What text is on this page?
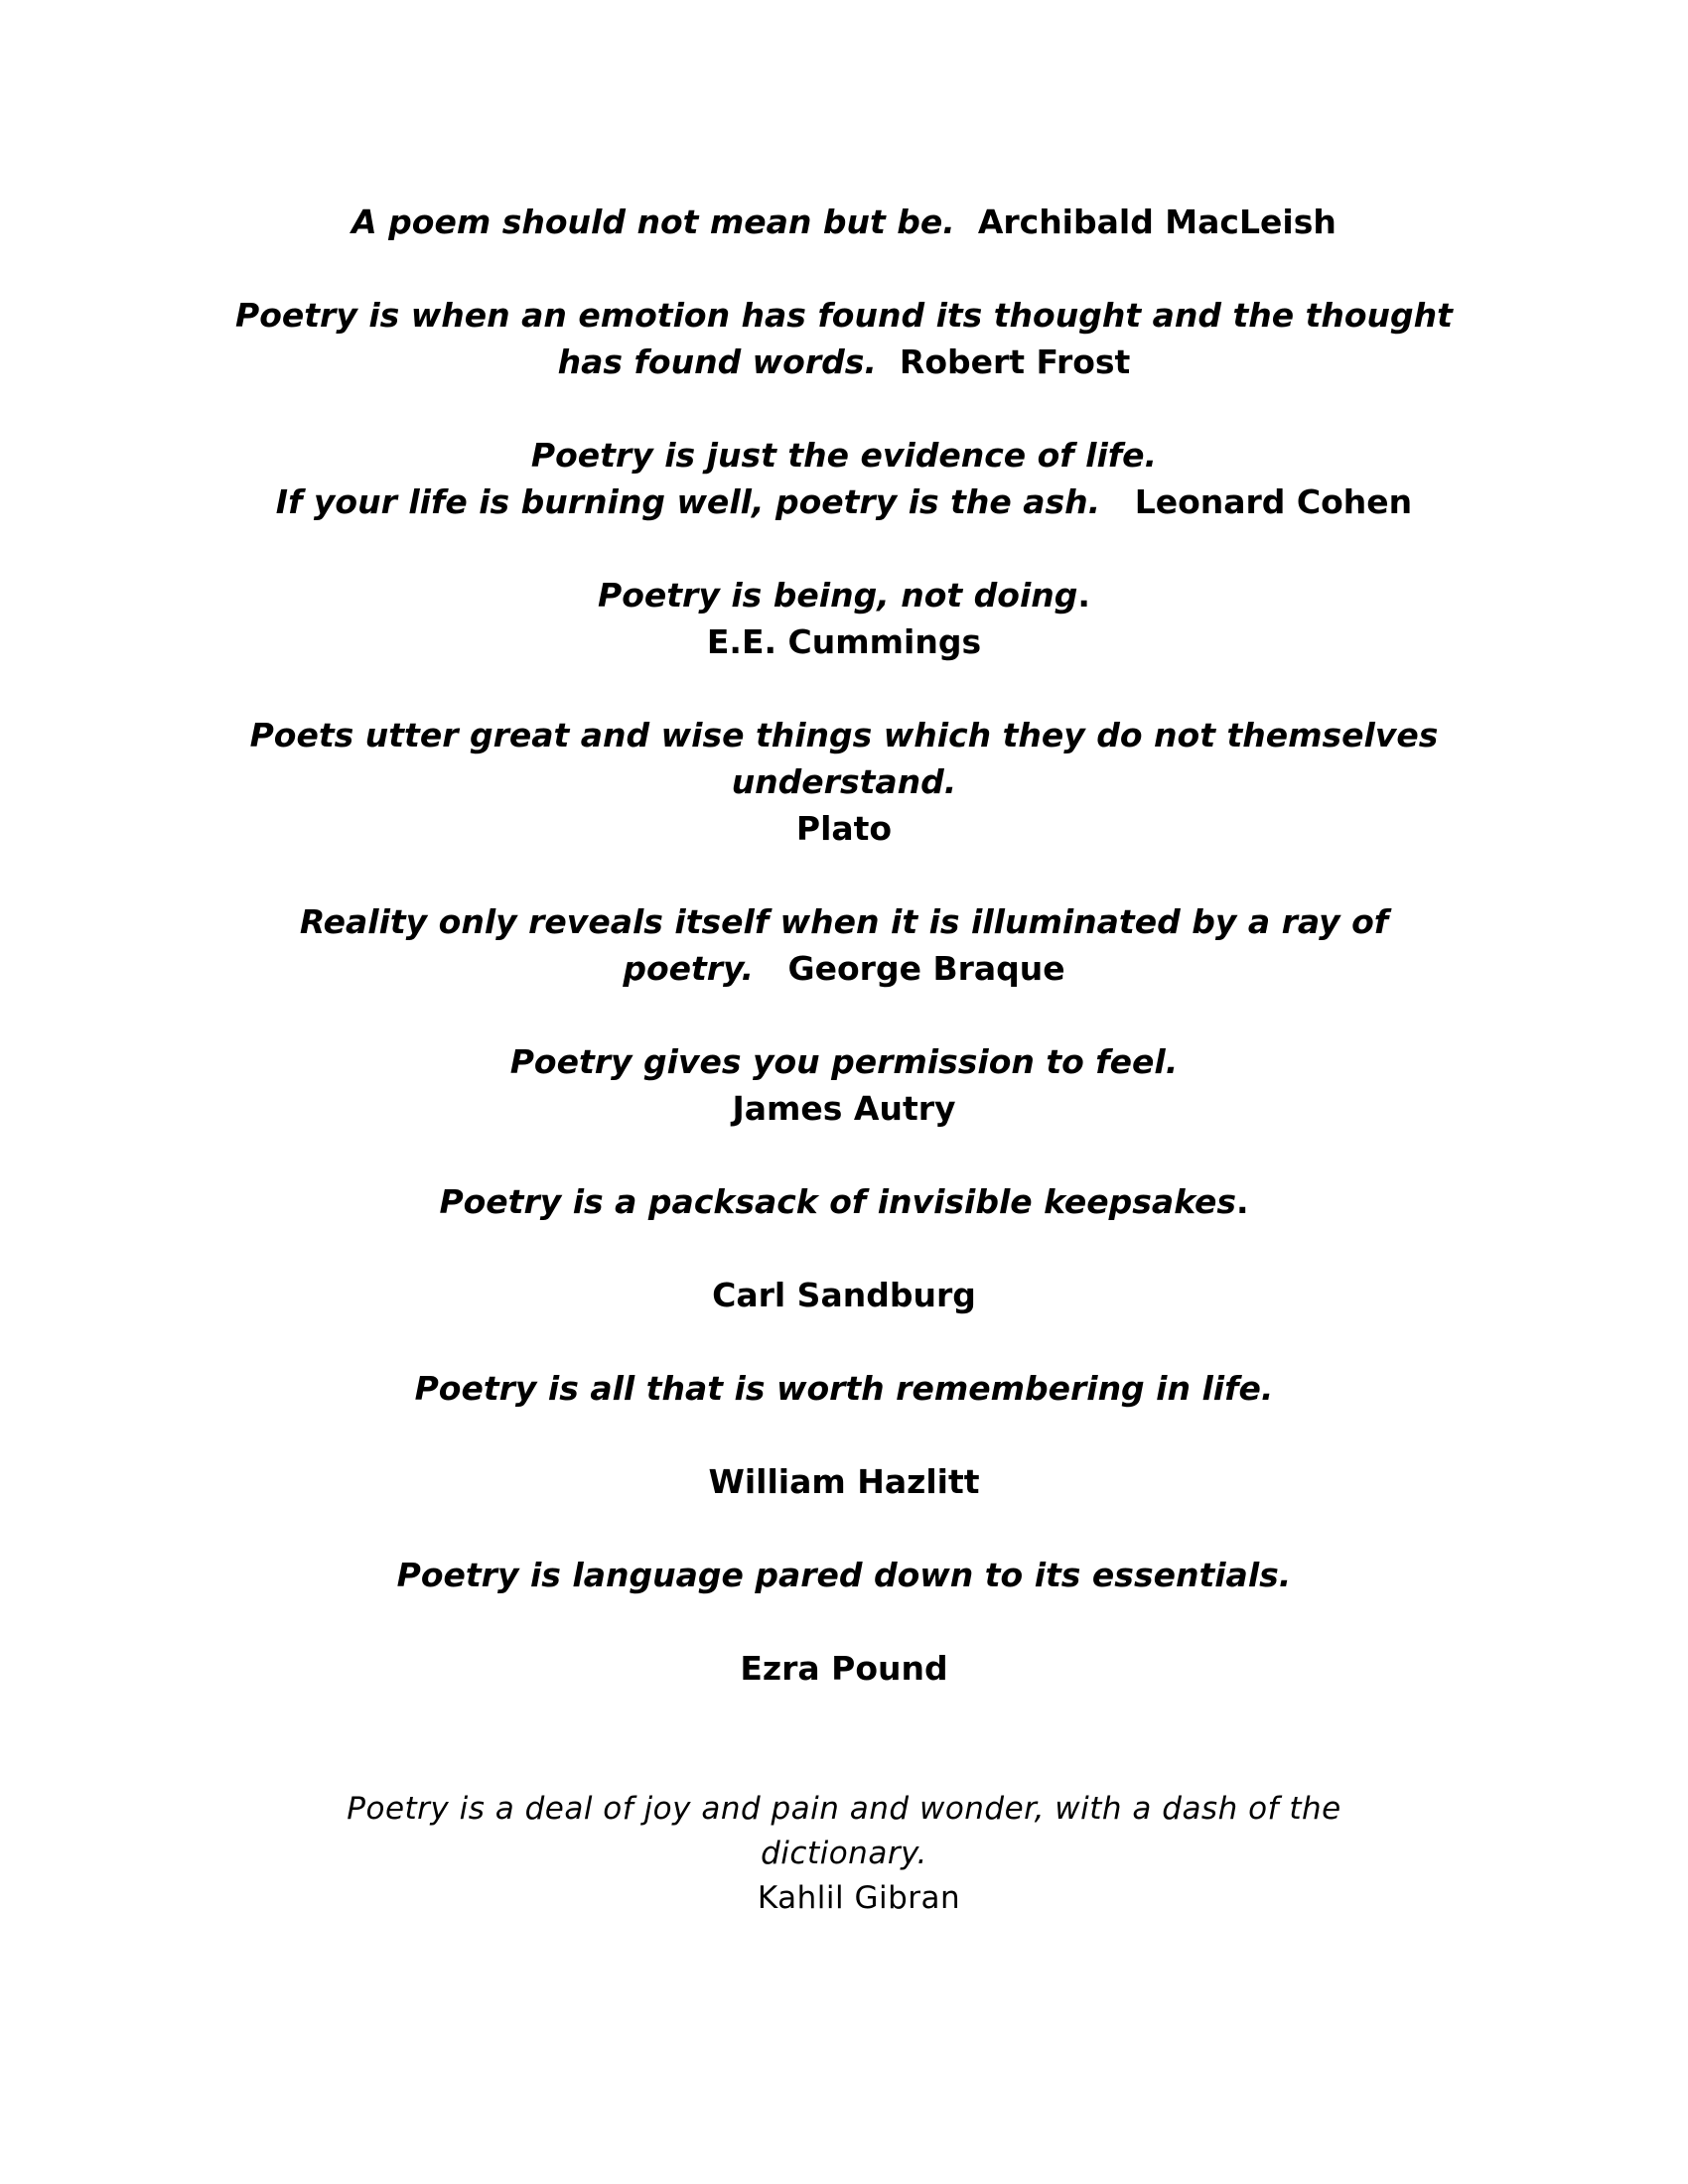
A poem should not mean but be. Archibald MacLeish
Poetry is when an emotion has found its thought and the thought
has found words. Robert Frost
Poetry is just the evidence of life.
If your life is burning well, poetry is the ash. Leonard Cohen
Poetry is being, not doing.
E.E. Cummings
Poets utter great and wise things which they do not themselves
understand.
Plato
Reality only reveals itself when it is illuminated by a ray of
poetry. George Braque
Poetry gives you permission to feel.
James Autry
Poetry is a packsack of invisible keepsakes.
Carl Sandburg
Poetry is all that is worth remembering in life.
William Hazlitt
Poetry is language pared down to its essentials.
Ezra Pound
Poetry is a deal of joy and pain and wonder, with a dash of the
dictionary.
Kahlil Gibran
